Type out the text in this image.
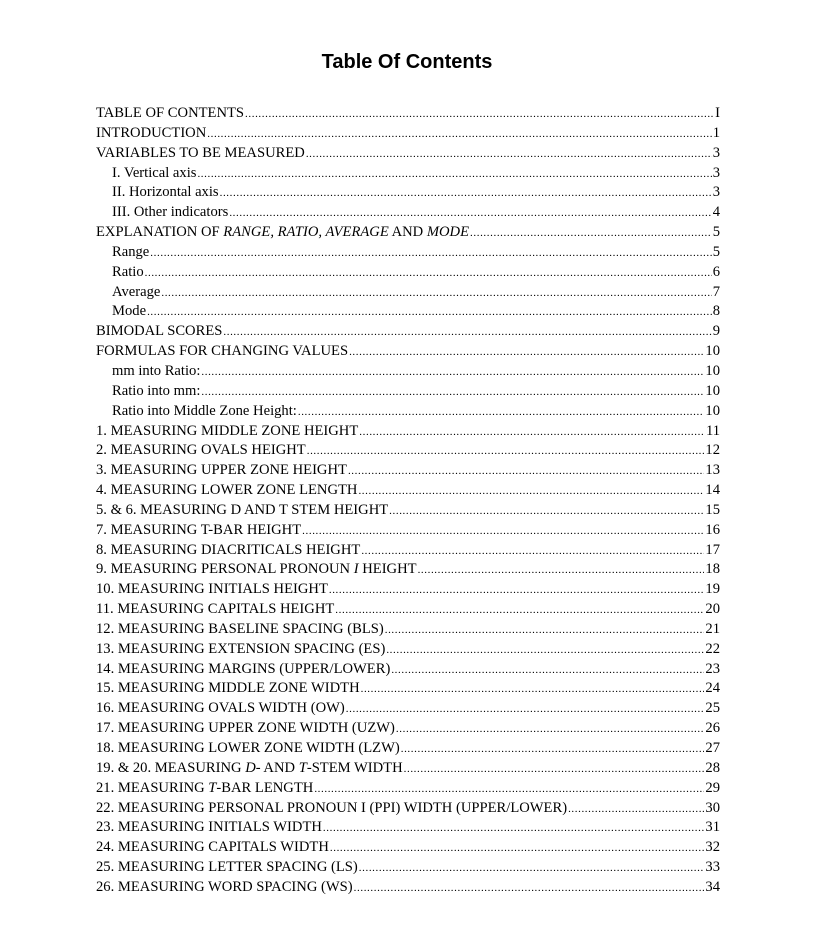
Table Of Contents
TABLE OF CONTENTS .....	I
INTRODUCTION .....	1
VARIABLES TO BE MEASURED .....	3
I. Vertical axis .....	3
II. Horizontal axis .....	3
III. Other indicators .....	4
EXPLANATION OF RANGE, RATIO, AVERAGE AND MODE .....	5
Range .....	5
Ratio .....	6
Average .....	7
Mode .....	8
BIMODAL SCORES .....	9
FORMULAS FOR CHANGING VALUES .....	10
mm into Ratio: .....	10
Ratio into mm: .....	10
Ratio into Middle Zone Height: .....	10
1. MEASURING MIDDLE ZONE HEIGHT .....	11
2. MEASURING OVALS HEIGHT .....	12
3. MEASURING UPPER ZONE HEIGHT .....	13
4. MEASURING LOWER ZONE LENGTH .....	14
5. & 6. MEASURING D AND T STEM HEIGHT .....	15
7. MEASURING T-BAR HEIGHT .....	16
8. MEASURING DIACRITICALS HEIGHT .....	17
9. MEASURING PERSONAL PRONOUN I HEIGHT .....	18
10. MEASURING INITIALS HEIGHT .....	19
11. MEASURING CAPITALS HEIGHT .....	20
12. MEASURING BASELINE SPACING (BLS) .....	21
13. MEASURING EXTENSION SPACING (ES) .....	22
14. MEASURING MARGINS (UPPER/LOWER) .....	23
15. MEASURING MIDDLE ZONE WIDTH .....	24
16. MEASURING OVALS WIDTH (OW) .....	25
17. MEASURING UPPER ZONE WIDTH (UZW) .....	26
18. MEASURING LOWER ZONE WIDTH (LZW) .....	27
19. & 20. MEASURING D- AND T-STEM WIDTH .....	28
21. MEASURING T-BAR LENGTH .....	29
22. MEASURING PERSONAL PRONOUN I (PPI) WIDTH (UPPER/LOWER) .....	30
23. MEASURING INITIALS WIDTH .....	31
24. MEASURING CAPITALS WIDTH .....	32
25. MEASURING LETTER SPACING (LS) .....	33
26. MEASURING WORD SPACING (WS) .....	34
